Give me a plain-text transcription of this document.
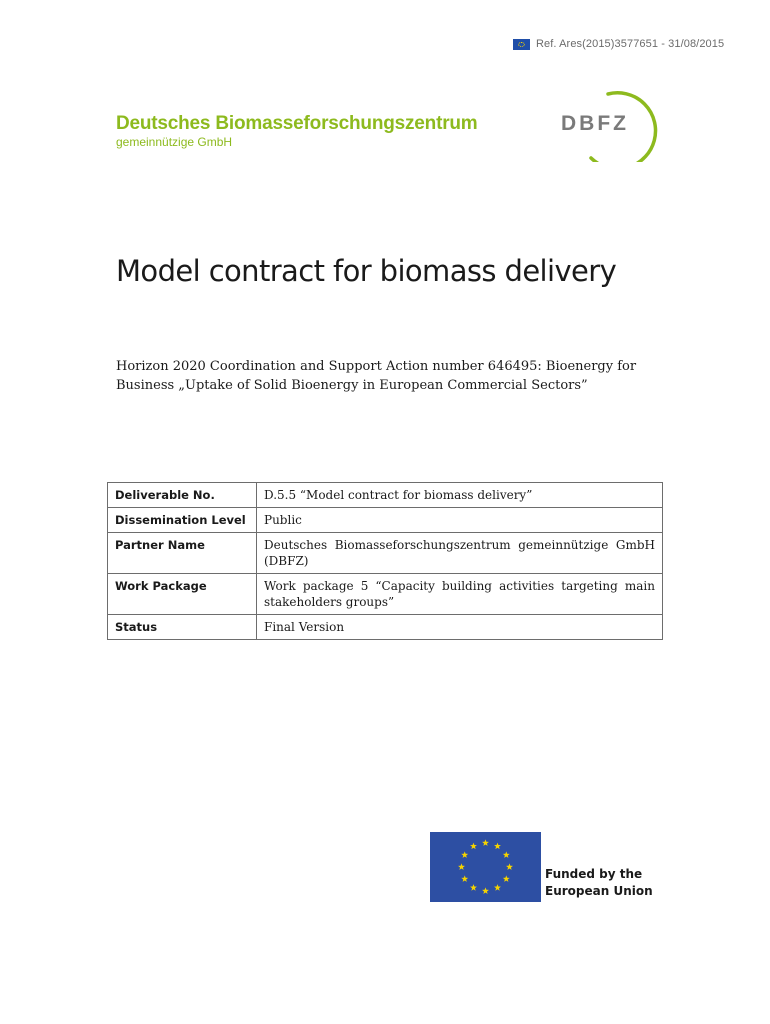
Ref. Ares(2015)3577651 - 31/08/2015
Deutsches Biomasseforschungszentrum
gemeinnützige GmbH
DBFZ
Model contract for biomass delivery
Horizon 2020 Coordination and Support Action number 646495: Bioenergy for
Business „Uptake of Solid Bioenergy in European Commercial Sectors”
Deliverable No.	D.5.5 “Model contract for biomass delivery”
Dissemination Level	Public
Partner Name	Deutsches Biomasseforschungszentrum gemeinnützige GmbH (DBFZ)
Work Package	Work package 5 “Capacity building activities targeting main stakeholders groups”
Status	Final Version
Funded by the
European Union
